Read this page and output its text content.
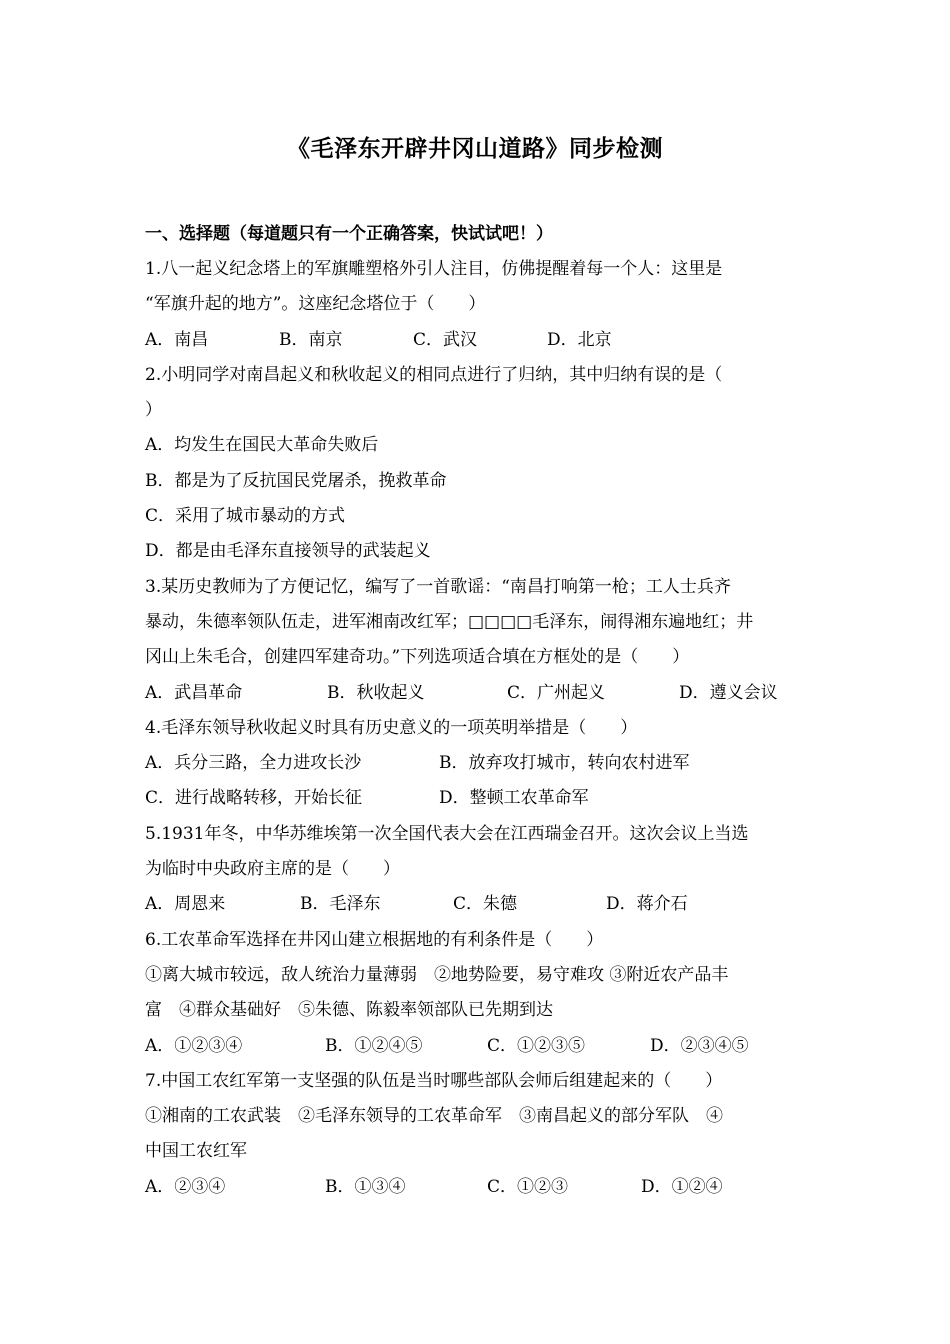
《毛泽东开辟井冈山道路》同步检测
一、选择题（每道题只有一个正确答案，快试试吧！）
1.八一起义纪念塔上的军旗雕塑格外引人注目，仿佛提醒着每一个人：这里是
“军旗升起的地方”。这座纪念塔位于（　　）
A．南昌	B．南京	C．武汉	D．北京
2.小明同学对南昌起义和秋收起义的相同点进行了归纳，其中归纳有误的是（
）
A．均发生在国民大革命失败后
B．都是为了反抗国民党屠杀，挽救革命
C．采用了城市暴动的方式
D．都是由毛泽东直接领导的武装起义
3.某历史教师为了方便记忆，编写了一首歌谣：“南昌打响第一枪；工人士兵齐
暴动，朱德率领队伍走，进军湘南改红军；□□□□毛泽东，闹得湘东遍地红；井
冈山上朱毛合，创建四军建奇功。”下列选项适合填在方框处的是（　　）
A．武昌革命	B．秋收起义	C．广州起义	D．遵义会议
4.毛泽东领导秋收起义时具有历史意义的一项英明举措是（　　）
A．兵分三路，全力进攻长沙	B．放弃攻打城市，转向农村进军
C．进行战略转移，开始长征	D．整顿工农革命军
5.1931年冬，中华苏维埃第一次全国代表大会在江西瑞金召开。这次会议上当选
为临时中央政府主席的是（　　）
A．周恩来	B．毛泽东	C．朱德	D．蒋介石
6.工农革命军选择在井冈山建立根据地的有利条件是（　　）
①离大城市较远，敌人统治力量薄弱　②地势险要，易守难攻 ③附近农产品丰
富　④群众基础好　⑤朱德、陈毅率领部队已先期到达
A．①②③④	B．①②④⑤	C．①②③⑤	D．②③④⑤
7.中国工农红军第一支坚强的队伍是当时哪些部队会师后组建起来的（　　）
①湘南的工农武装　②毛泽东领导的工农革命军　③南昌起义的部分军队　④
中国工农红军
A．②③④	B．①③④	C．①②③	D．①②④
